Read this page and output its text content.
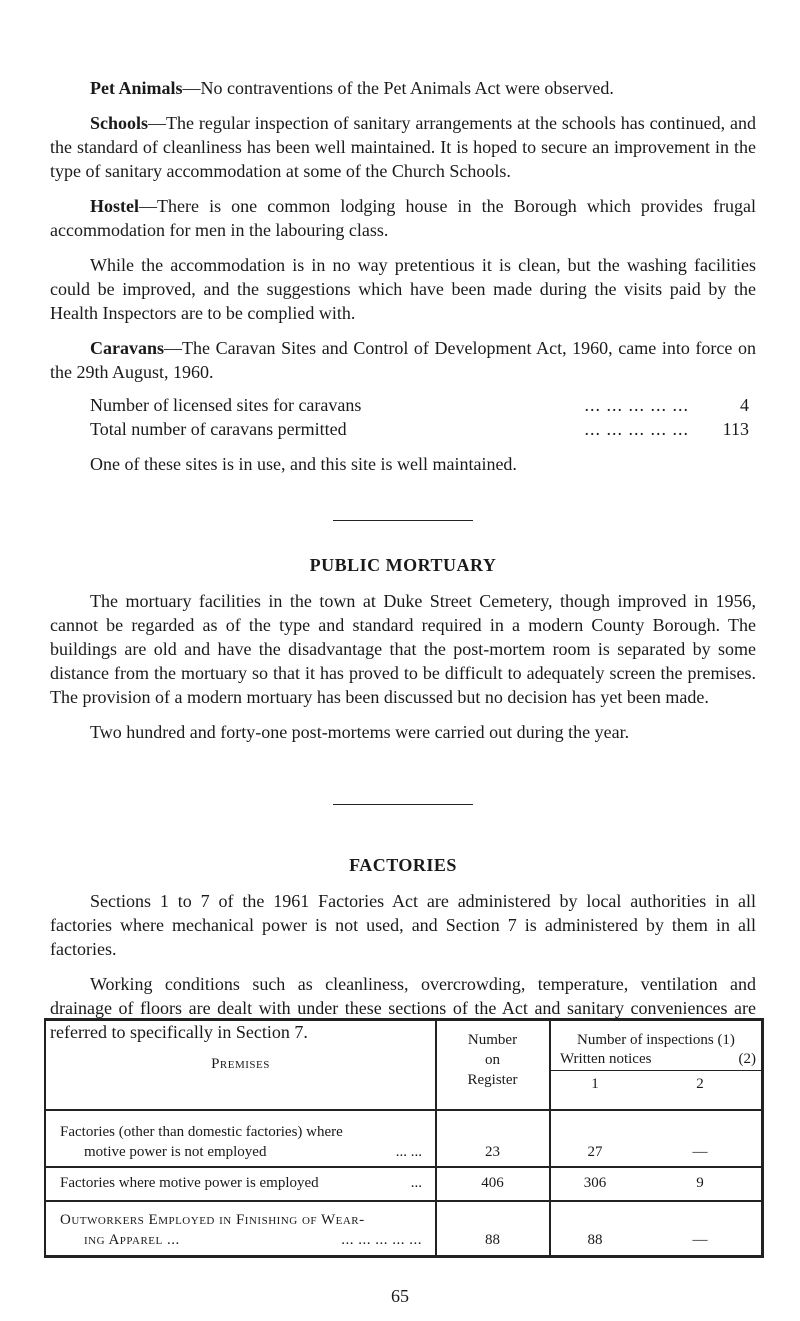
Pet Animals—No contraventions of the Pet Animals Act were observed.

Schools—The regular inspection of sanitary arrangements at the schools has continued, and the standard of cleanliness has been well maintained. It is hoped to secure an improvement in the type of sanitary accommodation at some of the Church Schools.

Hostel—There is one common lodging house in the Borough which provides frugal accommodation for men in the labouring class.

While the accommodation is in no way pretentious it is clean, but the washing facilities could be improved, and the suggestions which have been made during the visits paid by the Health Inspectors are to be complied with.

Caravans—The Caravan Sites and Control of Development Act, 1960, came into force on the 29th August, 1960.

Number of licensed sites for caravans	... ... ... ... ...	4
Total number of caravans permitted	... ... ... ... ...	113

One of these sites is in use, and this site is well maintained.

PUBLIC MORTUARY

The mortuary facilities in the town at Duke Street Cemetery, though improved in 1956, cannot be regarded as of the type and standard required in a modern County Borough. The buildings are old and have the disadvantage that the post-mortem room is separated by some distance from the mortuary so that it has proved to be difficult to adequately screen the premises. The provision of a modern mortuary has been discussed but no decision has yet been made.

Two hundred and forty-one post-mortems were carried out during the year.

FACTORIES

Sections 1 to 7 of the 1961 Factories Act are administered by local authorities in all factories where mechanical power is not used, and Section 7 is administered by them in all factories.

Working conditions such as cleanliness, overcrowding, temperature, ventilation and drainage of floors are dealt with under these sections of the Act and sanitary conveniences are referred to specifically in Section 7.

Premises
Number
on
Register
Number of inspections (1)
Written notices	(2)
1	2
Factories (other than domestic factories) where
motive power is not employed	... ...	23	27	—
Factories where motive power is employed	...	406	306	9
Outworkers Employed in Finishing of Wear-
ing Apparel ...	... ... ... ... ...	88	88	—
65
